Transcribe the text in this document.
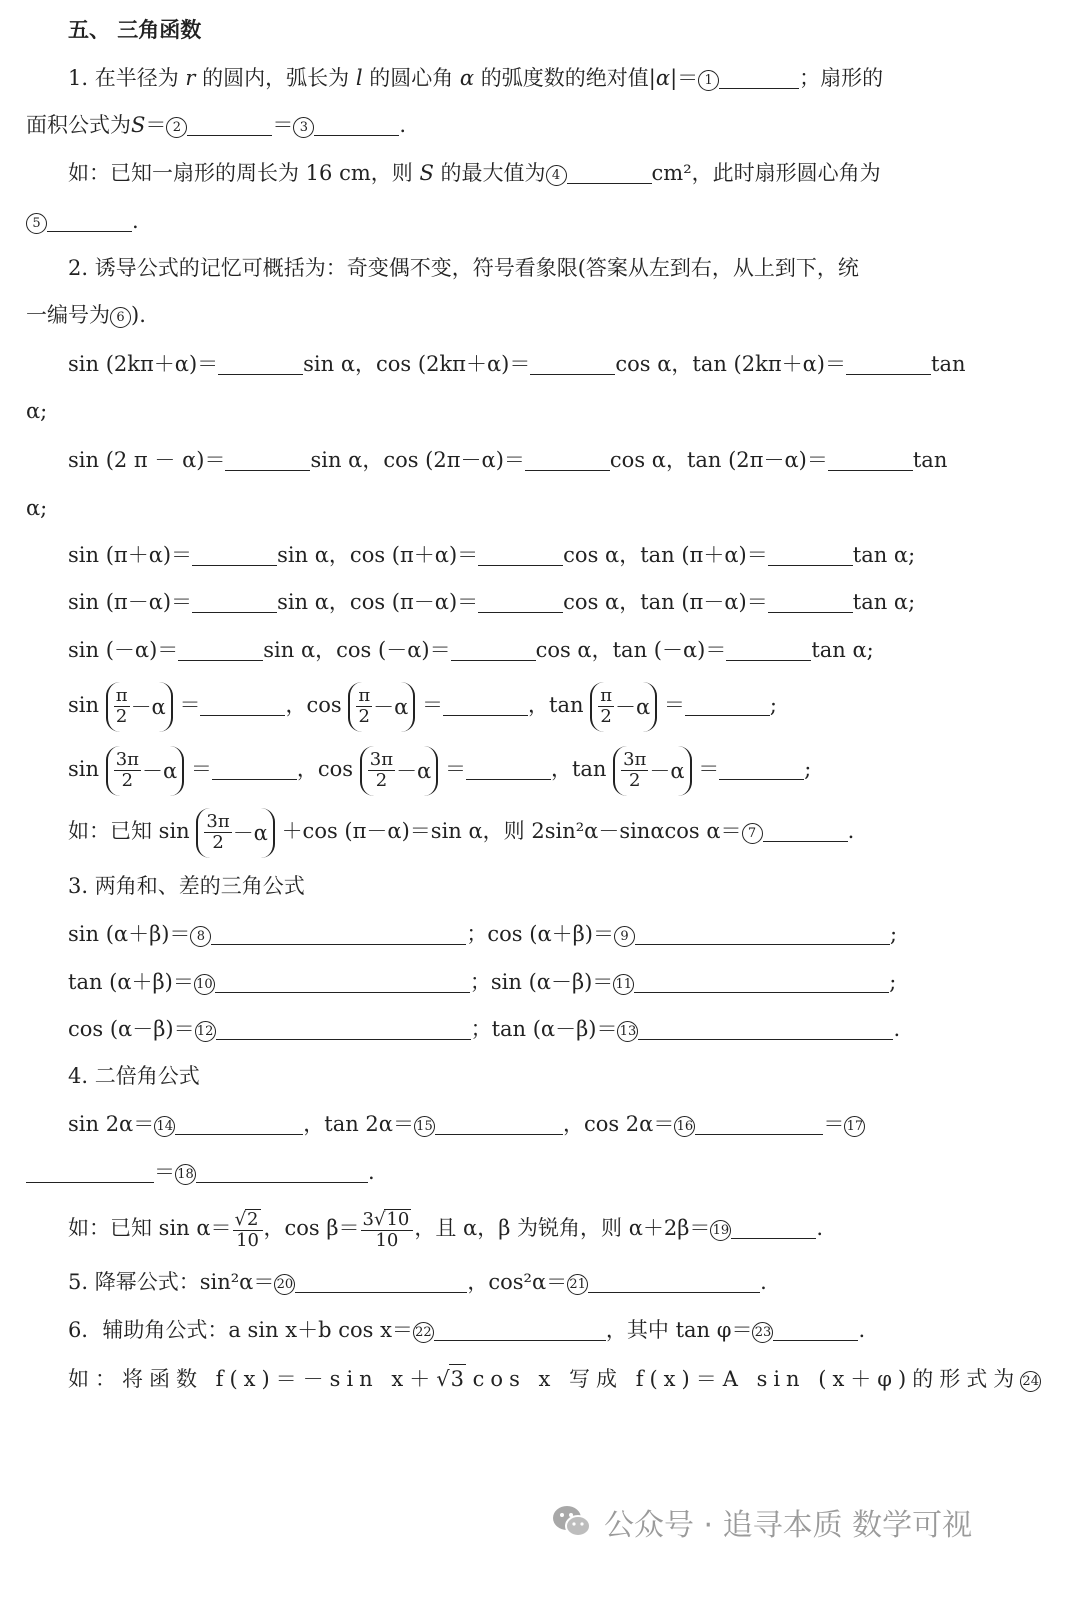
五、 三角函数
1. 在半径为 r 的圆内，弧长为 l 的圆心角 α 的弧度数的绝对值|α|＝ 1	；扇形的
面积公式为S＝ 2	＝ 3	.
如：已知一扇形的周长为 16 cm，则 S 的最大值为 4	cm²，此时扇形圆心角为
5	.
2. 诱导公式的记忆可概括为：奇变偶不变，符号看象限(答案从左到右，从上到下，统
一编号为 6 ).
sin (2kπ＋α)＝	sin α，cos (2kπ＋α)＝	cos α，tan (2kπ＋α)＝	tan
α;
sin (2 π － α)＝	sin α，cos (2π－α)＝	cos α，tan (2π－α)＝	tan
α;
sin (π＋α)＝	sin α，cos (π＋α)＝	cos α，tan (π＋α)＝	tan α;
sin (π－α)＝	sin α，cos (π－α)＝	cos α，tan (π－α)＝	tan α;
sin (－α)＝	sin α，cos (－α)＝	cos α，tan (－α)＝	tan α;
$\sin \frac{\pi}{2} -\alpha$ ＝	，$\cos \frac{\pi}{2} -\alpha$ ＝	，$\tan \frac{\pi}{2} -\alpha$ ＝	;
$\sin \frac{3\pi}{2} -\alpha$ ＝	，$\cos \frac{3\pi}{2} -\alpha$ ＝	，$\tan \frac{3\pi}{2} -\alpha$ ＝	;
如：已知 $\sin \frac{3\pi}{2} -\alpha +\cos$ (π－α)＝sin α，则 2sin²α－sinαcos α＝ 7	.
3. 两角和、差的三角公式
sin (α＋β)＝ 8	；cos (α＋β)＝ 9	;
tan (α＋β)＝ 10	；sin (α－β)＝ 11	;
cos (α－β)＝ 12	；tan (α－β)＝ 13	.
4. 二倍角公式
sin 2α＝ 14	，tan 2α＝ 15	，cos 2α＝ 16	＝ 17
＝ 18	.
如：已知 $\sin \alpha= \frac{√2}{10}$ ，$\cos \beta= \frac{3√10}{10}$ ，且 α，β 为锐角，则 α＋2β＝ 19	.
5. 降幂公式：sin²α＝ 20	，cos²α＝ 21	.
6．辅助角公式：a sin x＋b cos x＝ 22	，其中 tan φ＝ 23	.
如：将函数 f(x)＝－sin x＋√3 cos x 写成 f(x)＝A sin (x＋φ)的形式为 24
公众号 · 追寻本质 数学可视
